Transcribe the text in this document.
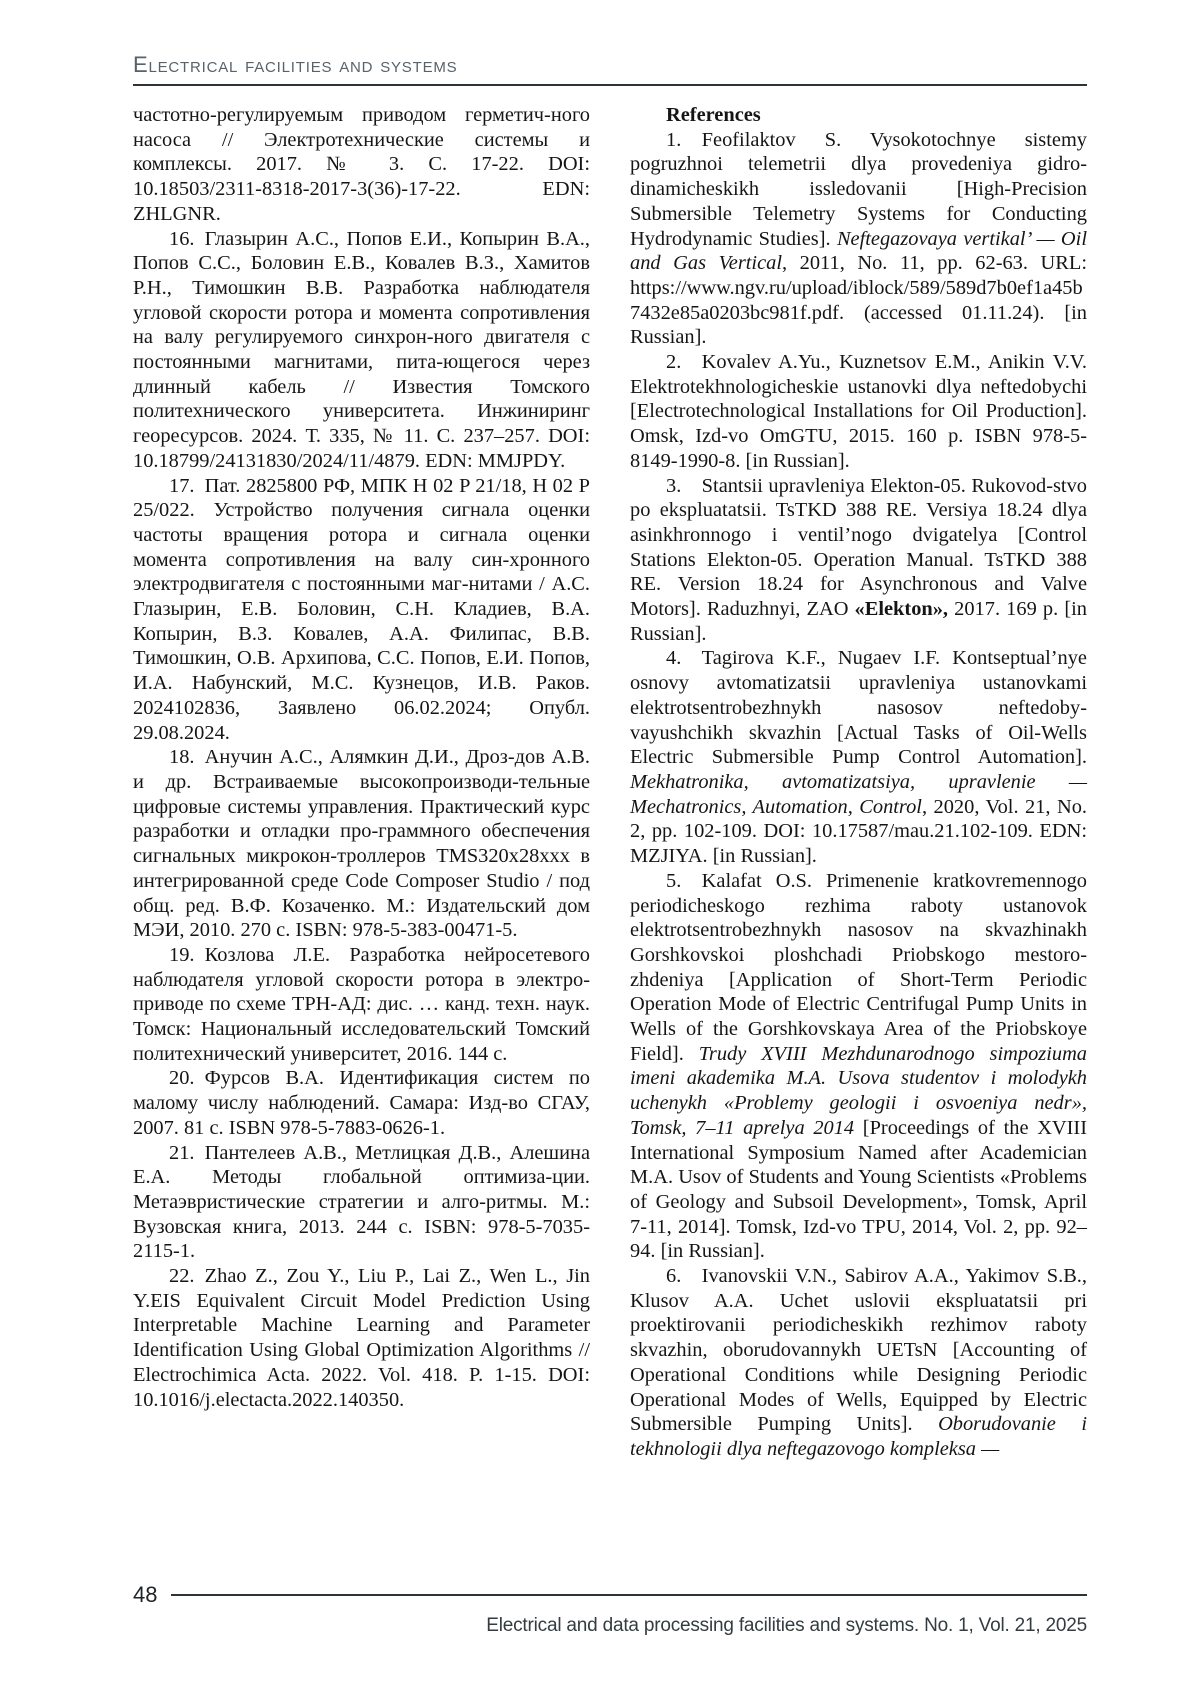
Electrical facilities and systems

частотно-регулируемым приводом герметич-ного насоса // Электротехнические системы и комплексы. 2017. № 3. С. 17-22. DOI: 10.18503/2311-8318-2017-3(36)-17-22. EDN: ZHLGNR.

16. Глазырин А.С., Попов Е.И., Копырин В.А., Попов С.С., Боловин Е.В., Ковалев В.З., Хамитов Р.Н., Тимошкин В.В. Разработка наблюдателя угловой скорости ротора и момента сопротивления на валу регулируемого синхрон-ного двигателя с постоянными магнитами, пита-ющегося через длинный кабель // Известия Томского политехнического университета. Инжиниринг георесурсов. 2024. Т. 335, № 11. С. 237–257. DOI: 10.18799/24131830/2024/11/4879. EDN: MMJPDY.

17. Пат. 2825800 РФ, МПК H 02 P 21/18, H 02 P 25/022. Устройство получения сигнала оценки частоты вращения ротора и сигнала оценки момента сопротивления на валу син-хронного электродвигателя с постоянными маг-нитами / А.С. Глазырин, Е.В. Боловин, С.Н. Кладиев, В.А. Копырин, В.З. Ковалев, А.А. Филипас, В.В. Тимошкин, О.В. Архипова, С.С. Попов, Е.И. Попов, И.А. Набунский, М.С. Кузнецов, И.В. Раков. 2024102836, Заявлено 06.02.2024; Опубл. 29.08.2024.

18. Анучин А.С., Алямкин Д.И., Дроз-дов А.В. и др. Встраиваемые высокопроизводи-тельные цифровые системы управления. Практический курс разработки и отладки про-граммного обеспечения сигнальных микрокон-троллеров TMS320x28xxx в интегрированной среде Code Composer Studio / под общ. ред. В.Ф. Козаченко. М.: Издательский дом МЭИ, 2010. 270 с. ISBN: 978-5-383-00471-5.

19. Козлова Л.Е. Разработка нейросетевого наблюдателя угловой скорости ротора в электро-приводе по схеме ТРН-АД: дис. … канд. техн. наук. Томск: Национальный исследовательский Томский политехнический университет, 2016. 144 с.

20. Фурсов В.А. Идентификация систем по малому числу наблюдений. Самара: Изд-во СГАУ, 2007. 81 с. ISBN 978-5-7883-0626-1.

21. Пантелеев А.В., Метлицкая Д.В., Алешина Е.А. Методы глобальной оптимиза-ции. Метаэвристические стратегии и алго-ритмы. М.: Вузовская книга, 2013. 244 с. ISBN: 978-5-7035-2115-1.

22. Zhao Z., Zou Y., Liu P., Lai Z., Wen L., Jin Y.EIS Equivalent Circuit Model Prediction Using Interpretable Machine Learning and Parameter Identification Using Global Optimization Algorithms // Electrochimica Acta. 2022. Vol. 418. P. 1-15. DOI: 10.1016/j.electacta.2022.140350.

References

1. Feofilaktov S. Vysokotochnye sistemy pogruzhnoi telemetrii dlya provedeniya gidro-dinamicheskikh issledovanii [High-Precision Submersible Telemetry Systems for Conducting Hydrodynamic Studies]. Neftegazovaya vertikal’ — Oil and Gas Vertical, 2011, No. 11, pp. 62-63. URL: https://www.ngv.ru/upload/iblock/589/589d7b0ef1a45b7432e85a0203bc981f.pdf. (accessed 01.11.24). [in Russian].

2. Kovalev A.Yu., Kuznetsov E.M., Anikin V.V. Elektrotekhnologicheskie ustanovki dlya neftedobychi [Electrotechnological Installations for Oil Production]. Omsk, Izd-vo OmGTU, 2015. 160 p. ISBN 978-5-8149-1990-8. [in Russian].

3. Stantsii upravleniya Elekton-05. Rukovod-stvo po ekspluatatsii. TsTKD 388 RE. Versiya 18.24 dlya asinkhronnogo i ventil’nogo dvigatelya [Control Stations Elekton-05. Operation Manual. TsTKD 388 RE. Version 18.24 for Asynchronous and Valve Motors]. Raduzhnyi, ZAO «Elekton», 2017. 169 p. [in Russian].

4. Tagirova K.F., Nugaev I.F. Kontseptual’nye osnovy avtomatizatsii upravleniya ustanovkami elektrotsentrobezhnykh nasosov neftedoby-vayushchikh skvazhin [Actual Tasks of Oil-Wells Electric Submersible Pump Control Automation]. Mekhatronika, avtomatizatsiya, upravlenie — Mechatronics, Automation, Control, 2020, Vol. 21, No. 2, pp. 102-109. DOI: 10.17587/mau.21.102-109. EDN: MZJIYA. [in Russian].

5. Kalafat O.S. Primenenie kratkovremennogo periodicheskogo rezhima raboty ustanovok elektrotsentrobezhnykh nasosov na skvazhinakh Gorshkovskoi ploshchadi Priobskogo mestoro-zhdeniya [Application of Short-Term Periodic Operation Mode of Electric Centrifugal Pump Units in Wells of the Gorshkovskaya Area of the Priobskoye Field]. Trudy XVIII Mezhdunarodnogo simpoziuma imeni akademika M.A. Usova studentov i molodykh uchenykh «Problemy geologii i osvoeniya nedr», Tomsk, 7–11 aprelya 2014 [Proceedings of the XVIII International Symposium Named after Academician M.A. Usov of Students and Young Scientists «Problems of Geology and Subsoil Development», Tomsk, April 7-11, 2014]. Tomsk, Izd-vo TPU, 2014, Vol. 2, pp. 92–94. [in Russian].

6. Ivanovskii V.N., Sabirov A.A., Yakimov S.B., Klusov A.A. Uchet uslovii ekspluatatsii pri proektirovanii periodicheskikh rezhimov raboty skvazhin, oborudovannykh UETsN [Accounting of Operational Conditions while Designing Periodic Operational Modes of Wells, Equipped by Electric Submersible Pumping Units]. Oborudovanie i tekhnologii dlya neftegazovogo kompleksa —

48
Electrical and data processing facilities and systems. No. 1, Vol. 21, 2025
